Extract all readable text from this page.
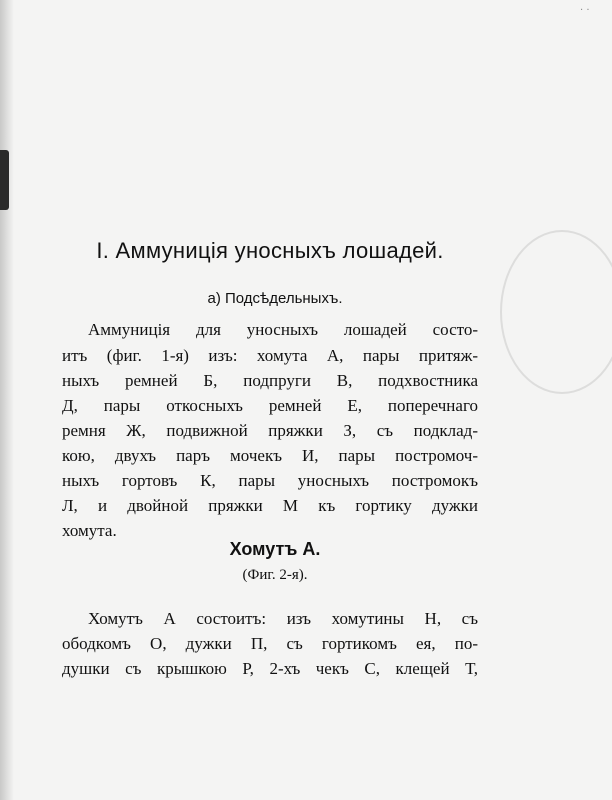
· ·
I. Аммуниція уносныхъ лошадей.
а) Подсѣдельныхъ.
Аммуниція для уносныхъ лошадей состо-
итъ (фиг. 1-я) изъ: хомута А, пары притяж-
ныхъ ремней Б, подпруги В, подхвостника
Д, пары откосныхъ ремней Е, поперечнаго
ремня Ж, подвижной пряжки З, съ подклад-
кою, двухъ паръ мочекъ И, пары постромоч-
ныхъ гортовъ К, пары уносныхъ постромокъ
Л, и двойной пряжки М къ гортику дужки
хомута.
Хомутъ А.
(Фиг. 2-я).
Хомутъ А состоитъ: изъ хомутины Н, съ
ободкомъ О, дужки П, съ гортикомъ ея, по-
душки съ крышкою Р, 2-хъ чекъ С, клещей Т,
